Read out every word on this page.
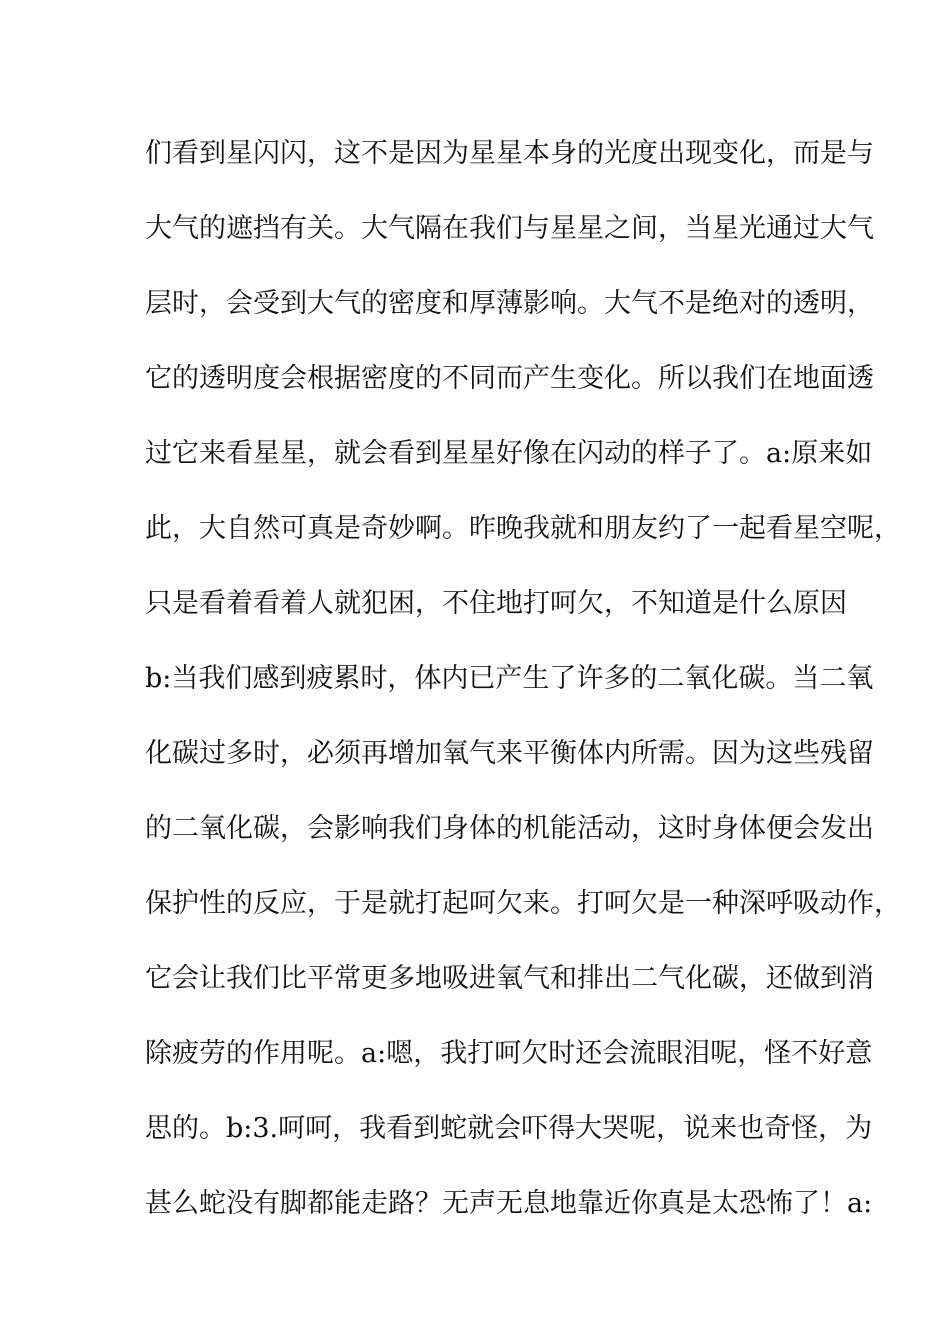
们看到星闪闪，这不是因为星星本身的光度出现变化，而是与
大气的遮挡有关。大气隔在我们与星星之间，当星光通过大气
层时，会受到大气的密度和厚薄影响。大气不是绝对的透明，
它的透明度会根据密度的不同而产生变化。所以我们在地面透
过它来看星星，就会看到星星好像在闪动的样子了。a:原来如
此，大自然可真是奇妙啊。昨晚我就和朋友约了一起看星空呢，
只是看着看着人就犯困，不住地打呵欠，不知道是什么原因
b:当我们感到疲累时，体内已产生了许多的二氧化碳。当二氧
化碳过多时，必须再增加氧气来平衡体内所需。因为这些残留
的二氧化碳，会影响我们身体的机能活动，这时身体便会发出
保护性的反应，于是就打起呵欠来。打呵欠是一种深呼吸动作，
它会让我们比平常更多地吸进氧气和排出二气化碳，还做到消
除疲劳的作用呢。a:嗯，我打呵欠时还会流眼泪呢，怪不好意
思的。b:3.呵呵，我看到蛇就会吓得大哭呢，说来也奇怪，为
甚么蛇没有脚都能走路？无声无息地靠近你真是太恐怖了！a:
